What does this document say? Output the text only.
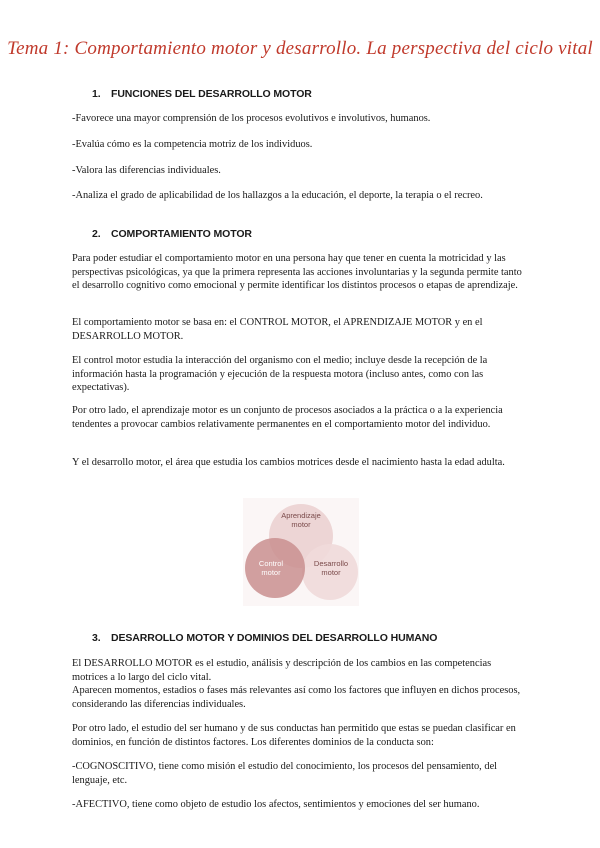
Tema 1: Comportamiento motor y desarrollo. La perspectiva del ciclo vital
1. FUNCIONES DEL DESARROLLO MOTOR

-Favorece una mayor comprensión de los procesos evolutivos e involutivos, humanos.

-Evalúa cómo es la competencia motriz de los individuos.

-Valora las diferencias individuales.

-Analiza el grado de aplicabilidad de los hallazgos a la educación, el deporte, la terapia o el recreo.

2. COMPORTAMIENTO MOTOR

Para poder estudiar el comportamiento motor en una persona hay que tener en cuenta la motricidad y las perspectivas psicológicas, ya que la primera representa las acciones involuntarias y la segunda permite tanto el desarrollo cognitivo como emocional y permite identificar los distintos procesos o etapas de aprendizaje.

El comportamiento motor se basa en: el CONTROL MOTOR, el APRENDIZAJE MOTOR y en el DESARROLLO MOTOR.

El control motor estudia la interacción del organismo con el medio; incluye desde la recepción de la información hasta la programación y ejecución de la respuesta motora (incluso antes, como con las expectativas).

Por otro lado, el aprendizaje motor es un conjunto de procesos asociados a la práctica o a la experiencia tendentes a provocar cambios relativamente permanentes en el comportamiento motor del individuo.

Y el desarrollo motor, el área que estudia los cambios motrices desde el nacimiento hasta la edad adulta.

Aprendizaje
motor
Control
motor
Desarrollo
motor
3. DESARROLLO MOTOR Y DOMINIOS DEL DESARROLLO HUMANO

El DESARROLLO MOTOR es el estudio, análisis y descripción de los cambios en las competencias motrices a lo largo del ciclo vital.

Aparecen momentos, estadios o fases más relevantes así como los factores que influyen en dichos procesos, considerando las diferencias individuales.

Por otro lado, el estudio del ser humano y de sus conductas han permitido que estas se puedan clasificar en dominios, en función de distintos factores. Los diferentes dominios de la conducta son:

-COGNOSCITIVO, tiene como misión el estudio del conocimiento, los procesos del pensamiento, del lenguaje, etc.

-AFECTIVO, tiene como objeto de estudio los afectos, sentimientos y emociones del ser humano.
